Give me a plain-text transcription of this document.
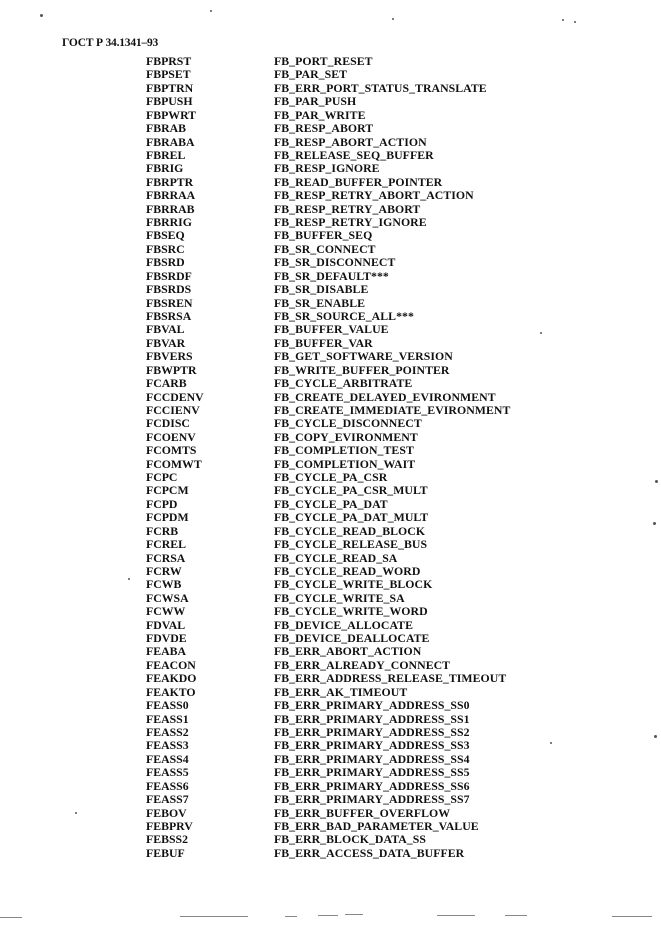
ГОСТ Р 34.1341–93
FBPRST	FB_PORT_RESET
FBPSET	FB_PAR_SET
FBPTRN	FB_ERR_PORT_STATUS_TRANSLATE
FBPUSH	FB_PAR_PUSH
FBPWRT	FB_PAR_WRITE
FBRAB	FB_RESP_ABORT
FBRABA	FB_RESP_ABORT_ACTION
FBREL	FB_RELEASE_SEQ_BUFFER
FBRIG	FB_RESP_IGNORE
FBRPTR	FB_READ_BUFFER_POINTER
FBRRAA	FB_RESP_RETRY_ABORT_ACTION
FBRRAB	FB_RESP_RETRY_ABORT
FBRRIG	FB_RESP_RETRY_IGNORE
FBSEQ	FB_BUFFER_SEQ
FBSRC	FB_SR_CONNECT
FBSRD	FB_SR_DISCONNECT
FBSRDF	FB_SR_DEFAULT***
FBSRDS	FB_SR_DISABLE
FBSREN	FB_SR_ENABLE
FBSRSA	FB_SR_SOURCE_ALL***
FBVAL	FB_BUFFER_VALUE
FBVAR	FB_BUFFER_VAR
FBVERS	FB_GET_SOFTWARE_VERSION
FBWPTR	FB_WRITE_BUFFER_POINTER
FCARB	FB_CYCLE_ARBITRATE
FCCDENV	FB_CREATE_DELAYED_EVIRONMENT
FCCIENV	FB_CREATE_IMMEDIATE_EVIRONMENT
FCDISC	FB_CYCLE_DISCONNECT
FCOENV	FB_COPY_EVIRONMENT
FCOMTS	FB_COMPLETION_TEST
FCOMWT	FB_COMPLETION_WAIT
FCPC	FB_CYCLE_PA_CSR
FCPCM	FB_CYCLE_PA_CSR_MULT
FCPD	FB_CYCLE_PA_DAT
FCPDM	FB_CYCLE_PA_DAT_MULT
FCRB	FB_CYCLE_READ_BLOCK
FCREL	FB_CYCLE_RELEASE_BUS
FCRSA	FB_CYCLE_READ_SA
FCRW	FB_CYCLE_READ_WORD
FCWB	FB_CYCLE_WRITE_BLOCK
FCWSA	FB_CYCLE_WRITE_SA
FCWW	FB_CYCLE_WRITE_WORD
FDVAL	FB_DEVICE_ALLOCATE
FDVDE	FB_DEVICE_DEALLOCATE
FEABA	FB_ERR_ABORT_ACTION
FEACON	FB_ERR_ALREADY_CONNECT
FEAKDO	FB_ERR_ADDRESS_RELEASE_TIMEOUT
FEAKTO	FB_ERR_AK_TIMEOUT
FEASS0	FB_ERR_PRIMARY_ADDRESS_SS0
FEASS1	FB_ERR_PRIMARY_ADDRESS_SS1
FEASS2	FB_ERR_PRIMARY_ADDRESS_SS2
FEASS3	FB_ERR_PRIMARY_ADDRESS_SS3
FEASS4	FB_ERR_PRIMARY_ADDRESS_SS4
FEASS5	FB_ERR_PRIMARY_ADDRESS_SS5
FEASS6	FB_ERR_PRIMARY_ADDRESS_SS6
FEASS7	FB_ERR_PRIMARY_ADDRESS_SS7
FEBOV	FB_ERR_BUFFER_OVERFLOW
FEBPRV	FB_ERR_BAD_PARAMETER_VALUE
FEBSS2	FB_ERR_BLOCK_DATA_SS
FEBUF	FB_ERR_ACCESS_DATA_BUFFER
